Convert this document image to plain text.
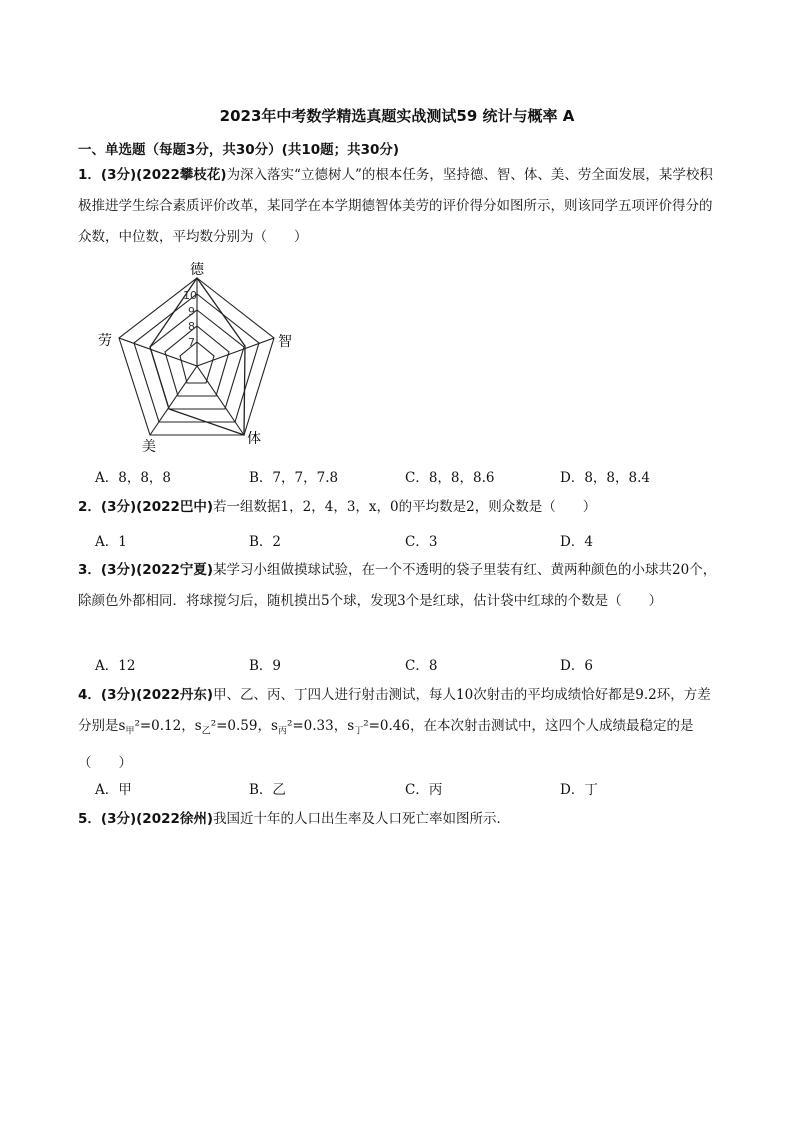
2023年中考数学精选真题实战测试59 统计与概率 A
一、单选题（每题3分，共30分）(共10题；共30分)
1．(3分)(2022攀枝花)为深入落实“立德树人”的根本任务，坚持德、智、体、美、劳全面发展，某学校积极推进学生综合素质评价改革，某同学在本学期德智体美劳的评价得分如图所示，则该同学五项评价得分的众数，中位数，平均数分别为（　　）
德
智
体
美
劳
10
9
8
7
A．8，8，8	B．7，7，7.8	C．8，8，8.6	D．8，8，8.4
2．(3分)(2022巴中)若一组数据1，2，4，3，x，0的平均数是2，则众数是（　　）
A．1	B．2	C．3	D．4
3．(3分)(2022宁夏)某学习小组做摸球试验，在一个不透明的袋子里装有红、黄两种颜色的小球共20个，除颜色外都相同．将球搅匀后，随机摸出5个球，发现3个是红球，估计袋中红球的个数是（　　）
A．12	B．9	C．8	D．6
4．(3分)(2022丹东)甲、乙、丙、丁四人进行射击测试，每人10次射击的平均成绩恰好都是9.2环，方差分别是$s_甲^2=0.12$，$s_乙^2=0.59$，$s_丙^2=0.33$，$s_丁^2=0.46$，在本次射击测试中，这四个人成绩最稳定的是（　　）
A．甲	B．乙	C．丙	D．丁
5．(3分)(2022徐州)我国近十年的人口出生率及人口死亡率如图所示．
